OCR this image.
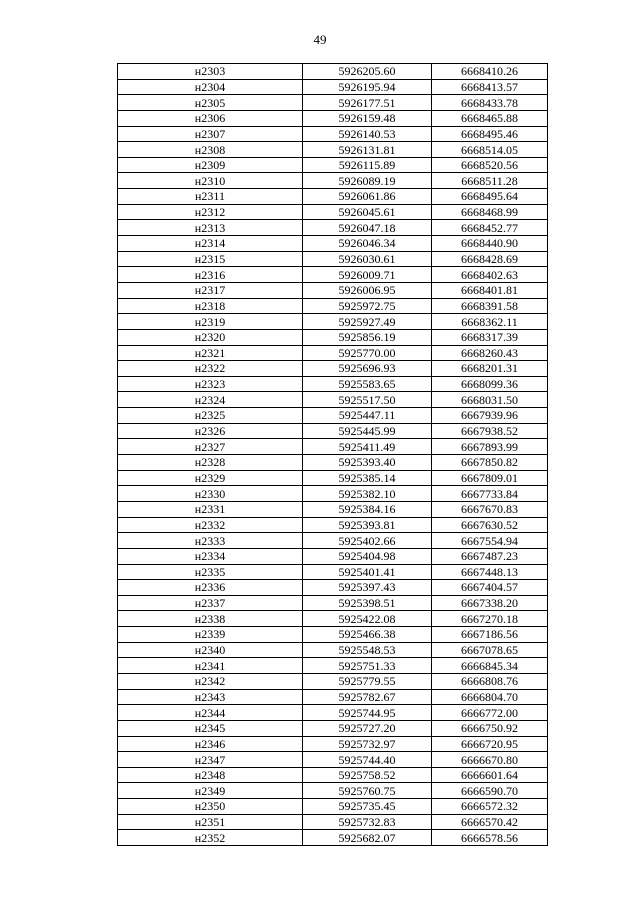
49
н2303	5926205.60	6668410.26
н2304	5926195.94	6668413.57
н2305	5926177.51	6668433.78
н2306	5926159.48	6668465.88
н2307	5926140.53	6668495.46
н2308	5926131.81	6668514.05
н2309	5926115.89	6668520.56
н2310	5926089.19	6668511.28
н2311	5926061.86	6668495.64
н2312	5926045.61	6668468.99
н2313	5926047.18	6668452.77
н2314	5926046.34	6668440.90
н2315	5926030.61	6668428.69
н2316	5926009.71	6668402.63
н2317	5926006.95	6668401.81
н2318	5925972.75	6668391.58
н2319	5925927.49	6668362.11
н2320	5925856.19	6668317.39
н2321	5925770.00	6668260.43
н2322	5925696.93	6668201.31
н2323	5925583.65	6668099.36
н2324	5925517.50	6668031.50
н2325	5925447.11	6667939.96
н2326	5925445.99	6667938.52
н2327	5925411.49	6667893.99
н2328	5925393.40	6667850.82
н2329	5925385.14	6667809.01
н2330	5925382.10	6667733.84
н2331	5925384.16	6667670.83
н2332	5925393.81	6667630.52
н2333	5925402.66	6667554.94
н2334	5925404.98	6667487.23
н2335	5925401.41	6667448.13
н2336	5925397.43	6667404.57
н2337	5925398.51	6667338.20
н2338	5925422.08	6667270.18
н2339	5925466.38	6667186.56
н2340	5925548.53	6667078.65
н2341	5925751.33	6666845.34
н2342	5925779.55	6666808.76
н2343	5925782.67	6666804.70
н2344	5925744.95	6666772.00
н2345	5925727.20	6666750.92
н2346	5925732.97	6666720.95
н2347	5925744.40	6666670.80
н2348	5925758.52	6666601.64
н2349	5925760.75	6666590.70
н2350	5925735.45	6666572.32
н2351	5925732.83	6666570.42
н2352	5925682.07	6666578.56
